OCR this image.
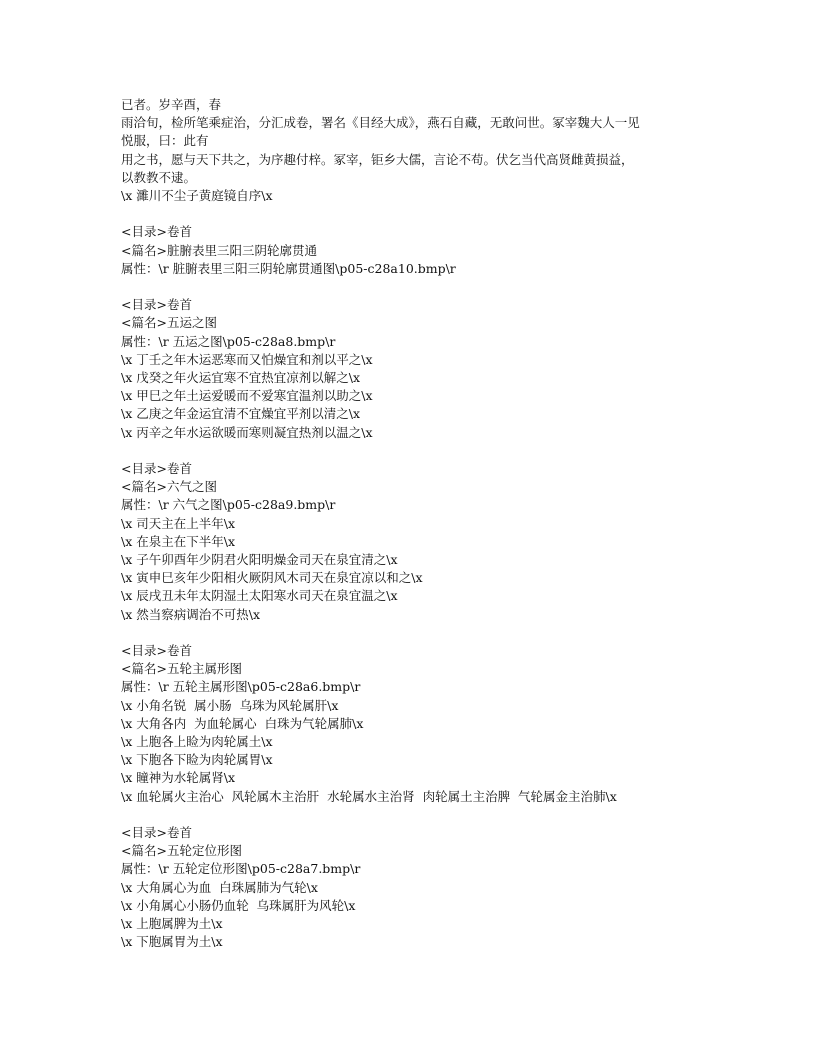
已者。岁辛酉，春
雨洽旬，检所笔乘症治，分汇成卷，署名《目经大成》，燕石自藏，无敢问世。冢宰魏大人一见
悦服，曰：此有
用之书，愿与天下共之，为序趣付梓。冢宰，钜乡大儒，言论不苟。伏乞当代高贤雌黄损益，
以教教不逮。
\x 濉川不尘子黄庭镜自序\x
<目录>卷首
<篇名>脏腑表里三阳三阴轮廓贯通
属性：\r 脏腑表里三阳三阴轮廓贯通图\p05-c28a10.bmp\r
<目录>卷首
<篇名>五运之图
属性：\r 五运之图\p05-c28a8.bmp\r
\x 丁壬之年木运恶寒而又怕燥宜和剂以平之\x
\x 戊癸之年火运宜寒不宜热宜凉剂以解之\x
\x 甲巳之年土运爱暖而不爱寒宜温剂以助之\x
\x 乙庚之年金运宜清不宜燥宜平剂以清之\x
\x 丙辛之年水运欲暖而寒则凝宜热剂以温之\x
<目录>卷首
<篇名>六气之图
属性：\r 六气之图\p05-c28a9.bmp\r
\x 司天主在上半年\x
\x 在泉主在下半年\x
\x 子午卯酉年少阴君火阳明燥金司天在泉宜清之\x
\x 寅申巳亥年少阳相火厥阴风木司天在泉宜凉以和之\x
\x 辰戌丑未年太阴湿土太阳寒水司天在泉宜温之\x
\x 然当察病调治不可热\x
<目录>卷首
<篇名>五轮主属形图
属性：\r 五轮主属形图\p05-c28a6.bmp\r
\x 小角名锐  属小肠  乌珠为风轮属肝\x
\x 大角各内  为血轮属心  白珠为气轮属肺\x
\x 上胞各上睑为肉轮属土\x
\x 下胞各下睑为肉轮属胃\x
\x 瞳神为水轮属肾\x
\x 血轮属火主治心  风轮属木主治肝  水轮属水主治肾  肉轮属土主治脾  气轮属金主治肺\x
<目录>卷首
<篇名>五轮定位形图
属性：\r 五轮定位形图\p05-c28a7.bmp\r
\x 大角属心为血  白珠属肺为气轮\x
\x 小角属心小肠仍血轮  乌珠属肝为风轮\x
\x 上胞属脾为土\x
\x 下胞属胃为土\x
